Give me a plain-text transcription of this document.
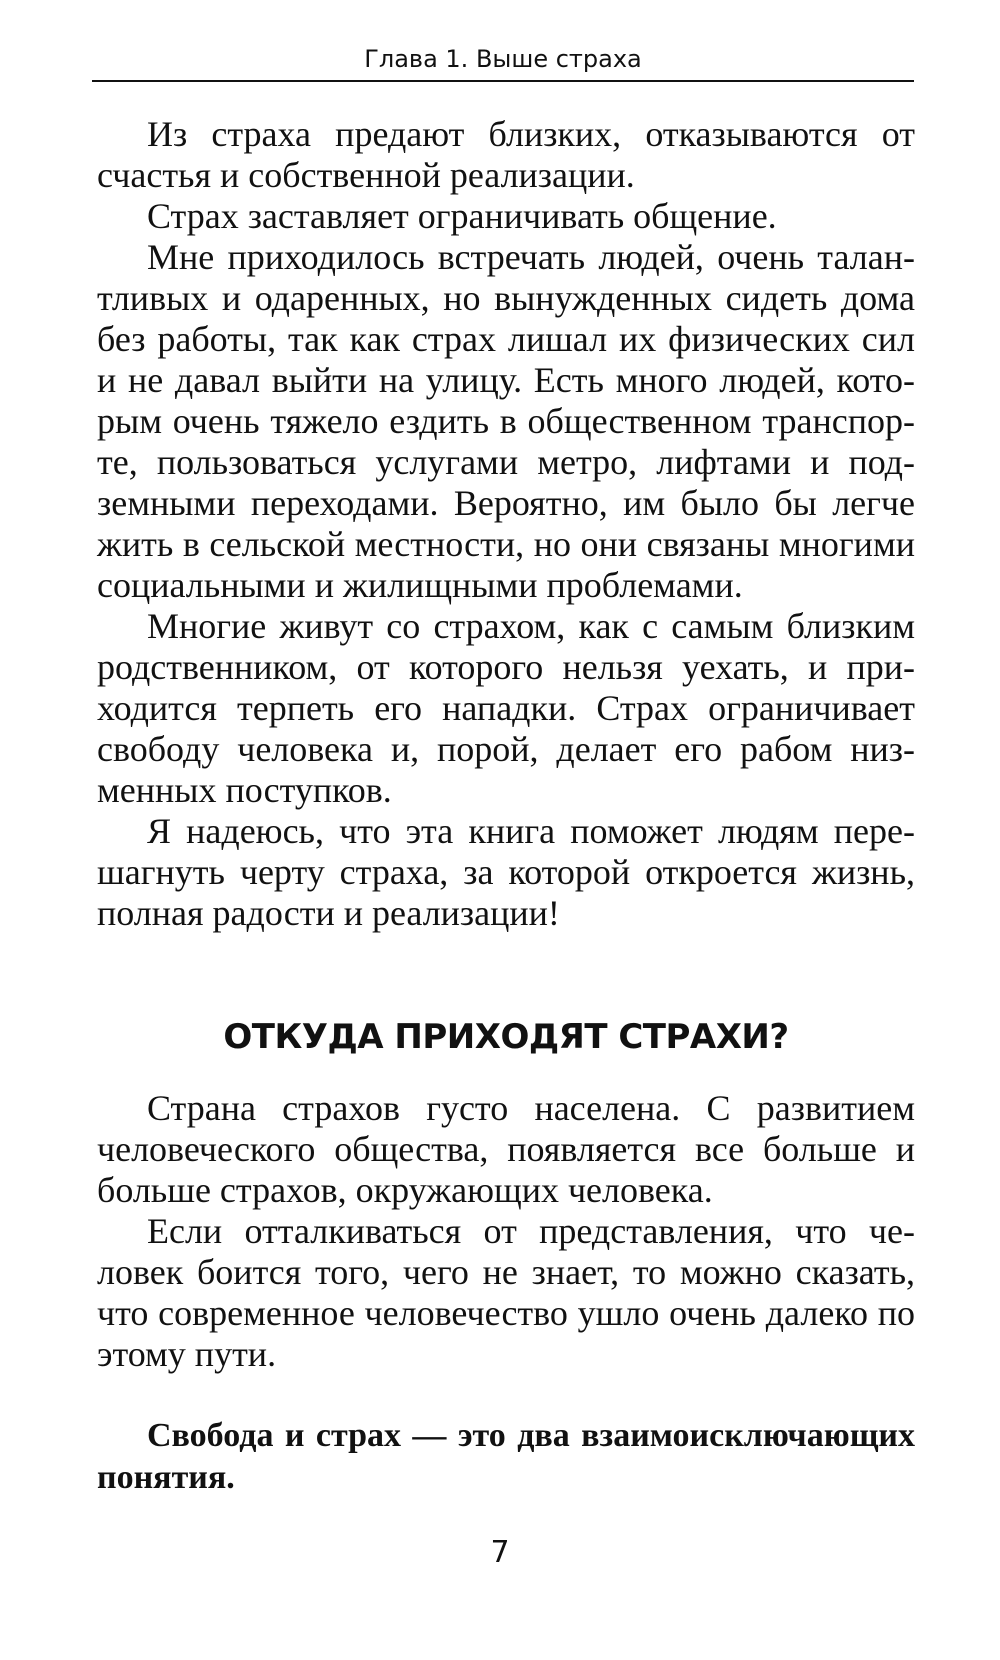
Глава 1. Выше страха

Из страха предают близких, отказываются от счастья и собственной реализации.

Страх заставляет ограничивать общение.

Мне приходилось встречать людей, очень талантливых и одаренных, но вынужденных сидеть дома без работы, так как страх лишал их физических сил и не давал выйти на улицу. Есть много людей, которым очень тяжело ездить в общественном транспорте, пользоваться услугами метро, лифтами и подземными переходами. Вероятно, им было бы легче жить в сельской местности, но они связаны многими социальными и жилищными проблемами.

Многие живут со страхом, как с самым близким родственником, от которого нельзя уехать, и приходится терпеть его нападки. Страх ограничивает свободу человека и, порой, делает его рабом низменных поступков.

Я надеюсь, что эта книга поможет людям перешагнуть черту страха, за которой откроется жизнь, полная радости и реализации!

ОТКУДА ПРИХОДЯТ СТРАХИ?

Страна страхов густо населена. С развитием человеческого общества, появляется все больше и больше страхов, окружающих человека.

Если отталкиваться от представления, что человек боится того, чего не знает, то можно сказать, что современное человечество ушло очень далеко по этому пути.

Свобода и страх — это два взаимоисключающих понятия.

7
